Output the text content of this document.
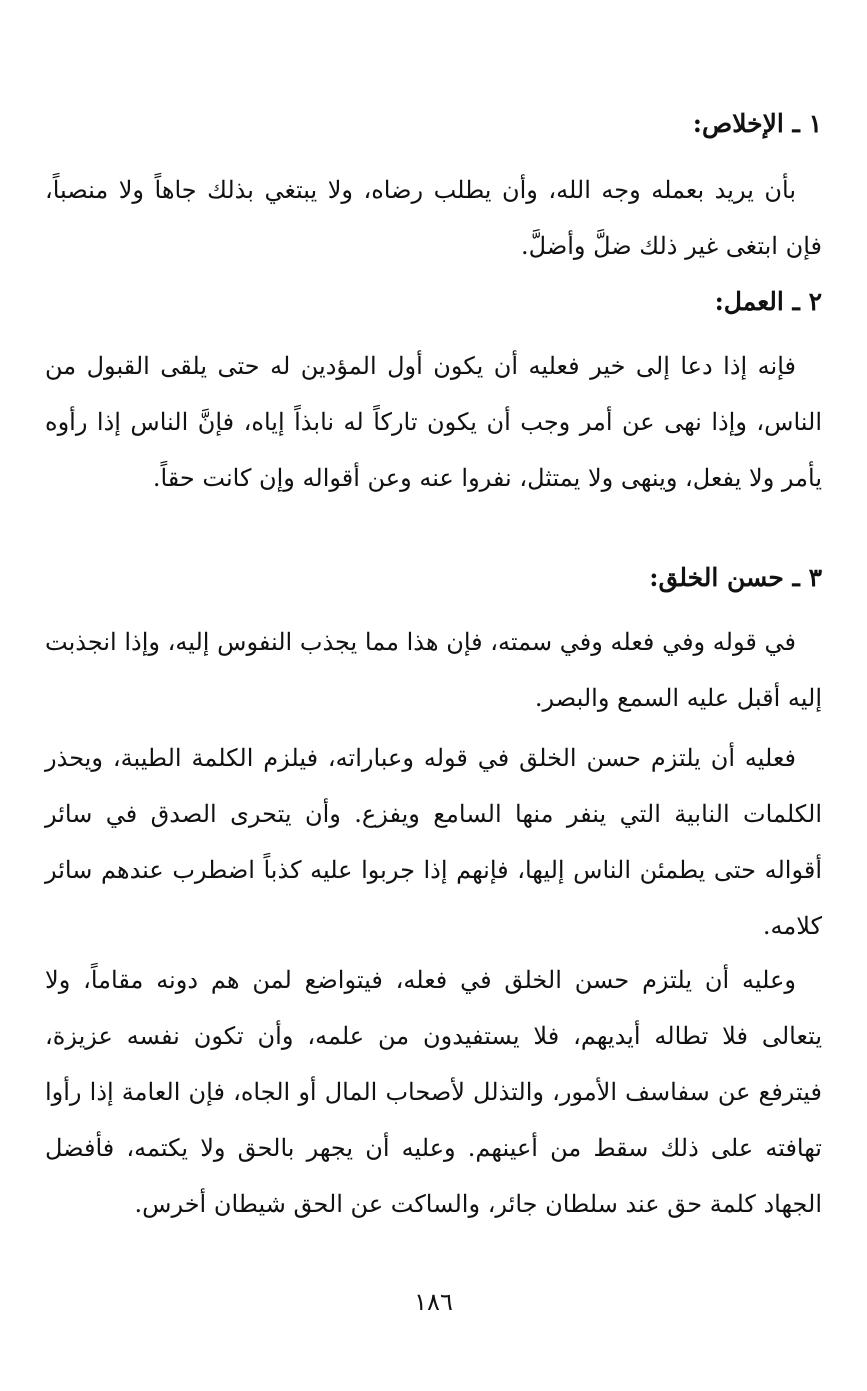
١ ـ الإخلاص:

بأن يريد بعمله وجه الله، وأن يطلب رضاه، ولا يبتغي بذلك جاهاً ولا منصباً، فإن ابتغى غير ذلك ضلَّ وأضلَّ.

٢ ـ العمل:

فإنه إذا دعا إلى خير فعليه أن يكون أول المؤدين له حتى يلقى القبول من الناس، وإذا نهى عن أمر وجب أن يكون تاركاً له نابذاً إياه، فإنَّ الناس إذا رأوه يأمر ولا يفعل، وينهى ولا يمتثل، نفروا عنه وعن أقواله وإن كانت حقاً.

٣ ـ حسن الخلق:

في قوله وفي فعله وفي سمته، فإن هذا مما يجذب النفوس إليه، وإذا انجذبت إليه أقبل عليه السمع والبصر.

فعليه أن يلتزم حسن الخلق في قوله وعباراته، فيلزم الكلمة الطيبة، ويحذر الكلمات النابية التي ينفر منها السامع ويفزع. وأن يتحرى الصدق في سائر أقواله حتى يطمئن الناس إليها، فإنهم إذا جربوا عليه كذباً اضطرب عندهم سائر كلامه.

وعليه أن يلتزم حسن الخلق في فعله، فيتواضع لمن هم دونه مقاماً، ولا يتعالى فلا تطاله أيديهم، فلا يستفيدون من علمه، وأن تكون نفسه عزيزة، فيترفع عن سفاسف الأمور، والتذلل لأصحاب المال أو الجاه، فإن العامة إذا رأوا تهافته على ذلك سقط من أعينهم. وعليه أن يجهر بالحق ولا يكتمه، فأفضل الجهاد كلمة حق عند سلطان جائر، والساكت عن الحق شيطان أخرس.

١٨٦
